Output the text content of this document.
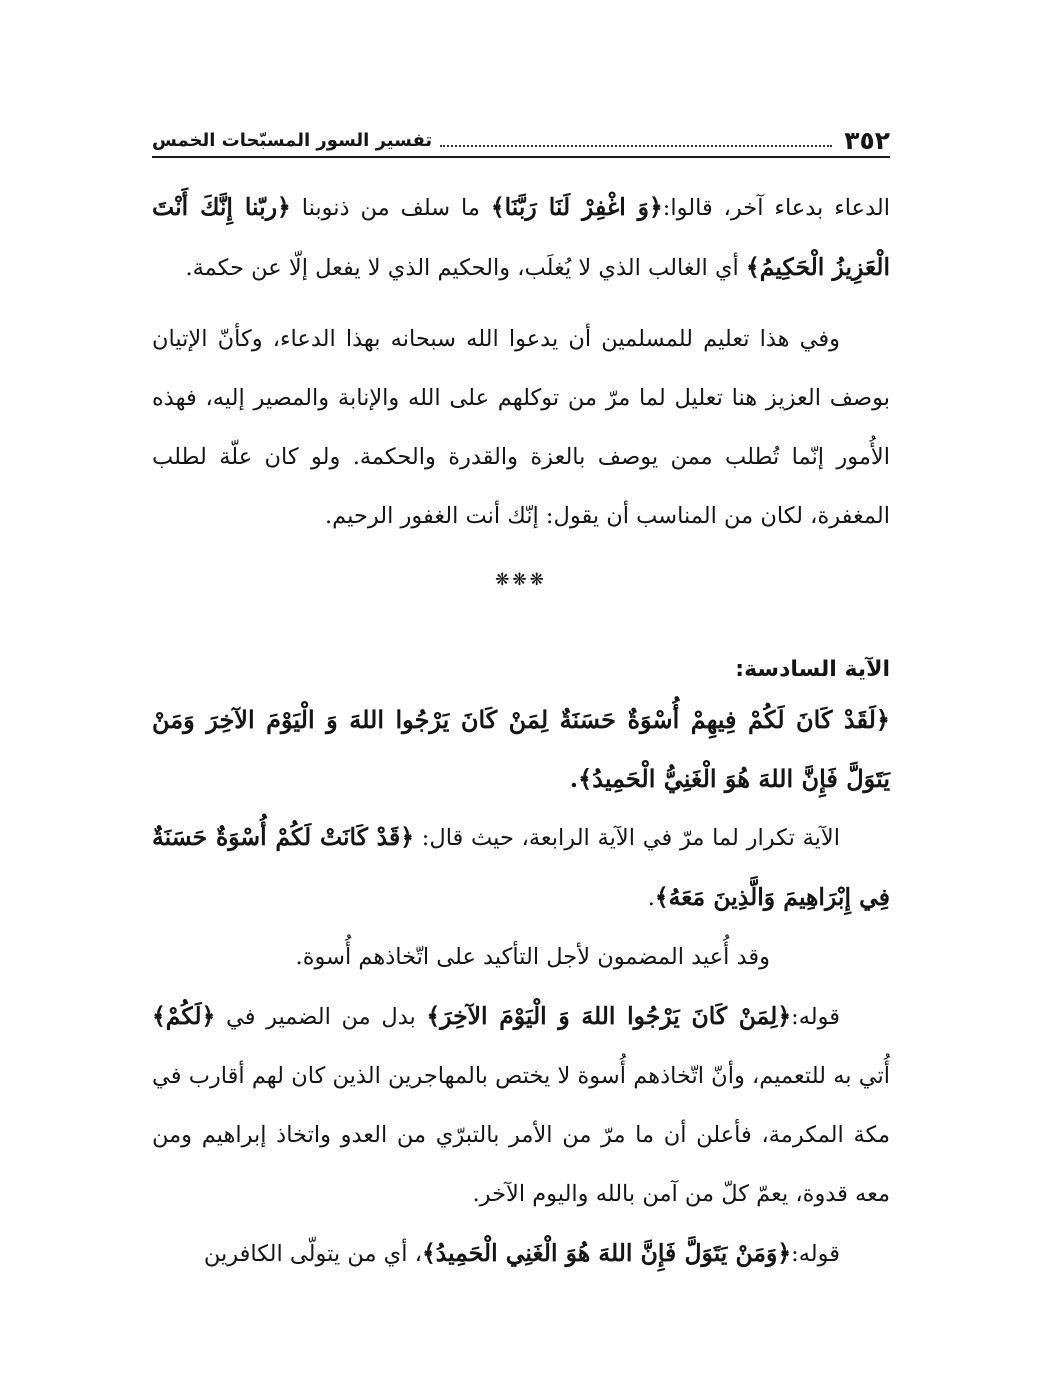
٣٥٢
تفسير السور المسبّحات الخمس

الدعاء بدعاء آخر، قالوا:﴿وَ اغْفِرْ لَنَا رَبَّنَا﴾ ما سلف من ذنوبنا ﴿ربّنا إِنَّكَ أَنْتَ الْعَزِيزُ الْحَكِيمُ﴾ أي الغالب الذي لا يُغلَب، والحكيم الذي لا يفعل إلّا عن حكمة.

وفي هذا تعليم للمسلمين أن يدعوا الله سبحانه بهذا الدعاء، وكأنّ الإتيان بوصف العزيز هنا تعليل لما مرّ من توكلهم على الله والإنابة والمصير إليه، فهذه الأُمور إنّما تُطلب ممن يوصف بالعزة والقدرة والحكمة. ولو كان علّة لطلب المغفرة، لكان من المناسب أن يقول: إنّك أنت الغفور الرحيم.

❋❋❋
الآية السادسة:

﴿لَقَدْ كَانَ لَكُمْ فِيهِمْ أُسْوَةٌ حَسَنَةٌ لِمَنْ كَانَ يَرْجُوا اللهَ وَ الْيَوْمَ الآخِرَ وَمَنْ يَتَوَلَّ فَإِنَّ اللهَ هُوَ الْغَنِيُّ الْحَمِيدُ﴾.

الآية تكرار لما مرّ في الآية الرابعة، حيث قال: ﴿قَدْ كَانَتْ لَكُمْ أُسْوَةٌ حَسَنَةٌ فِي إِبْرَاهِيمَ وَالَّذِينَ مَعَهُ﴾.

وقد أُعيد المضمون لأجل التأكيد على اتّخاذهم أُسوة.

قوله:﴿لِمَنْ كَانَ يَرْجُوا اللهَ وَ الْيَوْمَ الآخِرَ﴾ بدل من الضمير في ﴿لَكُمْ﴾ أُتي به للتعميم، وأنّ اتّخاذهم أُسوة لا يختص بالمهاجرين الذين كان لهم أقارب في مكة المكرمة، فأعلن أن ما مرّ من الأمر بالتبرّي من العدو واتخاذ إبراهيم ومن معه قدوة، يعمّ كلّ من آمن بالله واليوم الآخر.

قوله:﴿وَمَنْ يَتَوَلَّ فَإِنَّ اللهَ هُوَ الْغَنِي الْحَمِيدُ﴾، أي من يتولّى الكافرين
